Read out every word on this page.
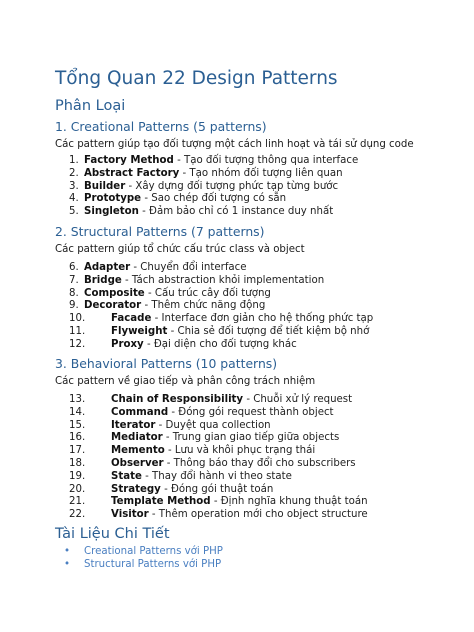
Tổng Quan 22 Design Patterns
Phân Loại
1. Creational Patterns (5 patterns)
Các pattern giúp tạo đối tượng một cách linh hoạt và tái sử dụng code
1. Factory Method - Tạo đối tượng thông qua interface
2. Abstract Factory - Tạo nhóm đối tượng liên quan
3. Builder - Xây dựng đối tượng phức tạp từng bước
4. Prototype - Sao chép đối tượng có sẵn
5. Singleton - Đảm bảo chỉ có 1 instance duy nhất
2. Structural Patterns (7 patterns)
Các pattern giúp tổ chức cấu trúc class và object
6. Adapter - Chuyển đổi interface
7. Bridge - Tách abstraction khỏi implementation
8. Composite - Cấu trúc cây đối tượng
9. Decorator - Thêm chức năng động
10.	Facade - Interface đơn giản cho hệ thống phức tạp
11.	Flyweight - Chia sẻ đối tượng để tiết kiệm bộ nhớ
12.	Proxy - Đại diện cho đối tượng khác
3. Behavioral Patterns (10 patterns)
Các pattern về giao tiếp và phân công trách nhiệm
13.	Chain of Responsibility - Chuỗi xử lý request
14.	Command - Đóng gói request thành object
15.	Iterator - Duyệt qua collection
16.	Mediator - Trung gian giao tiếp giữa objects
17.	Memento - Lưu và khôi phục trạng thái
18.	Observer - Thông báo thay đổi cho subscribers
19.	State - Thay đổi hành vi theo state
20.	Strategy - Đóng gói thuật toán
21.	Template Method - Định nghĩa khung thuật toán
22.	Visitor - Thêm operation mới cho object structure
Tài Liệu Chi Tiết
• Creational Patterns với PHP
• Structural Patterns với PHP
